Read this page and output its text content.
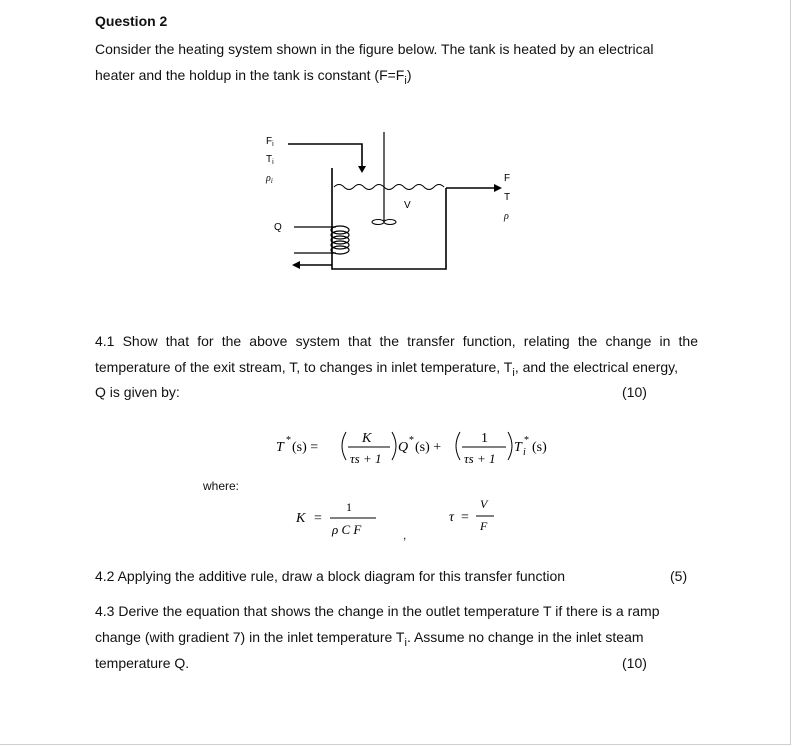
Question 2
Consider the heating system shown in the figure below. The tank is heated by an electrical
heater and the holdup in the tank is constant $(F=F_i)$
$F_i$
$T_i$
$\rho_i$
V
F
T
ρ
Q
4.1 Show that for the above system that the transfer function, relating the change in the
temperature of the exit stream, T, to changes in inlet temperature, $T_i$, and the electrical energy,
Q is given by:	(10)
T * (s) =
K
τs + 1
Q * (s) +
1
τs + 1
T i
* (s)
where:
K =
1
ρ C F	,
τ =
V
F
4.2 Applying the additive rule, draw a block diagram for this transfer function	(5)
4.3 Derive the equation that shows the change in the outlet temperature T if there is a ramp
change (with gradient 7) in the inlet temperature $T_i$. Assume no change in the inlet steam
temperature Q.	(10)
